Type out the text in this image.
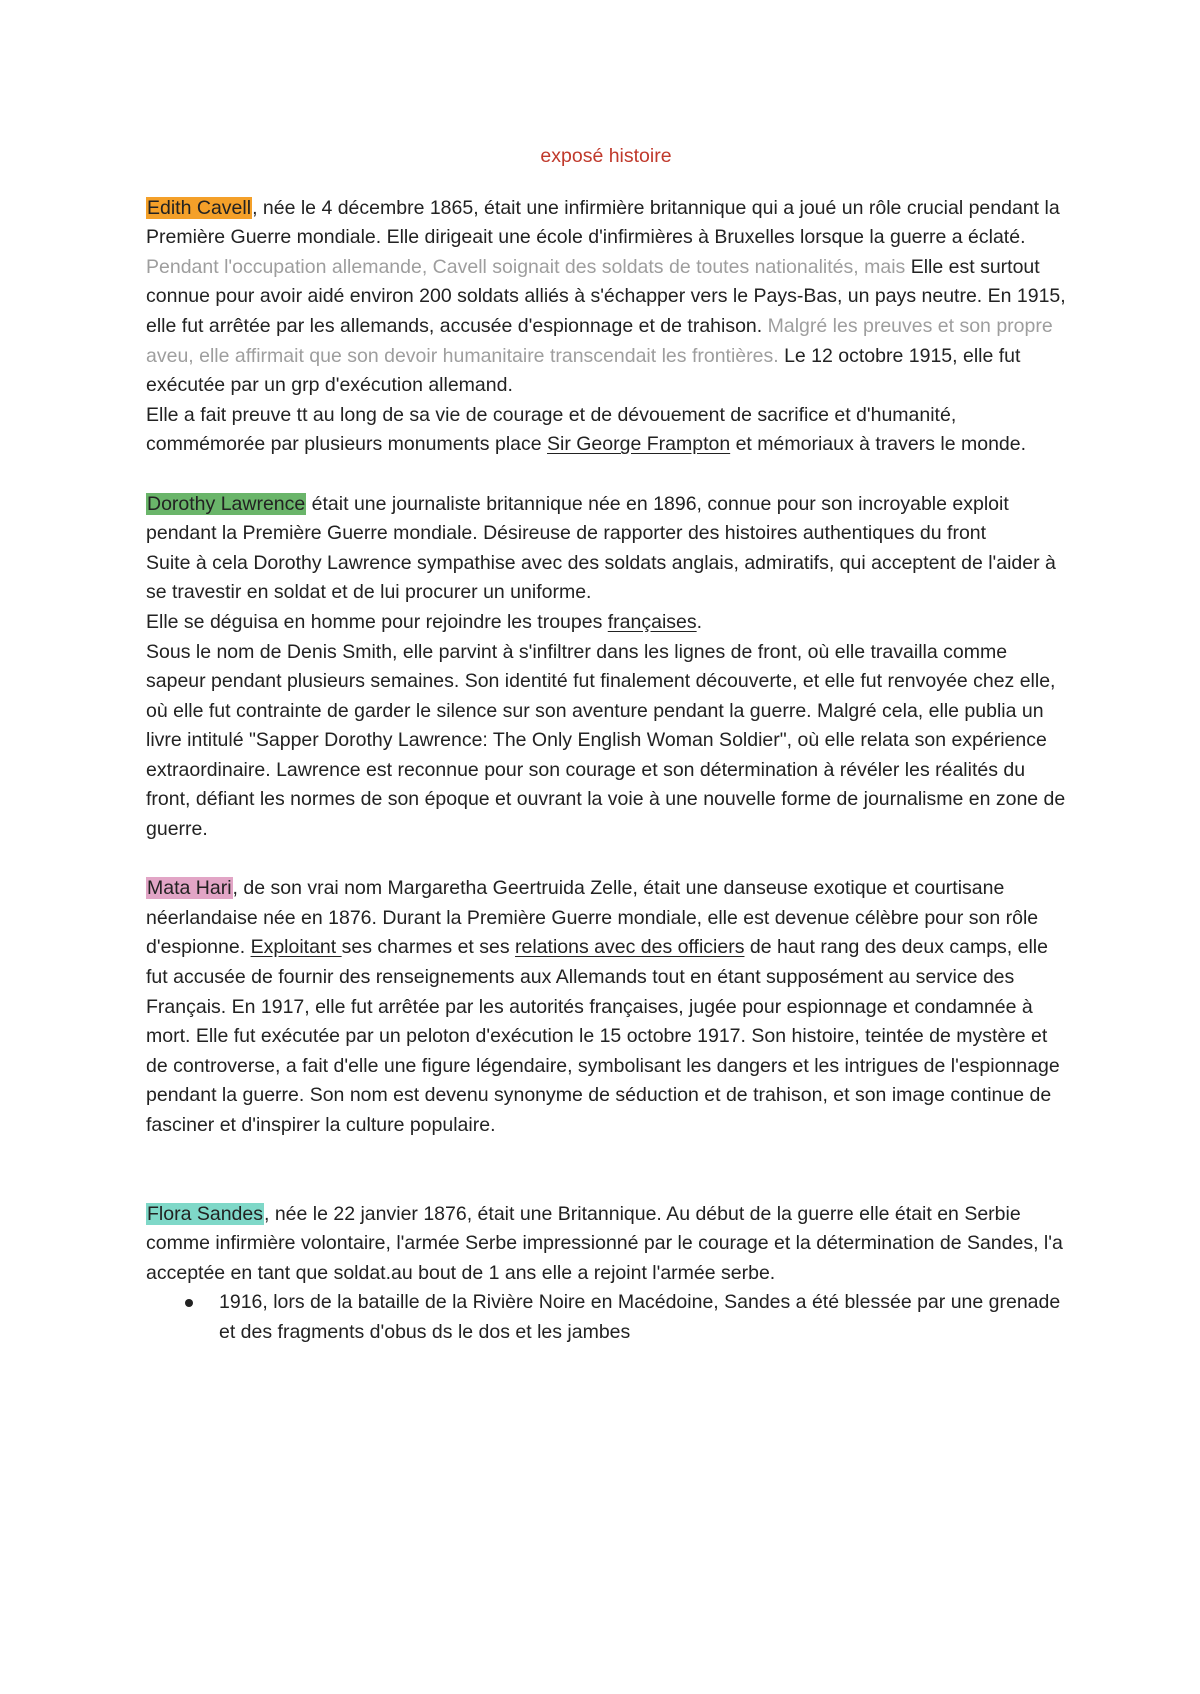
exposé histoire

Edith Cavell, née le 4 décembre 1865, était une infirmière britannique qui a joué un rôle crucial pendant la Première Guerre mondiale. Elle dirigeait une école d'infirmières à Bruxelles lorsque la guerre a éclaté. Pendant l'occupation allemande, Cavell soignait des soldats de toutes nationalités, mais Elle est surtout connue pour avoir aidé environ 200 soldats alliés à s'échapper vers le Pays-Bas, un pays neutre. En 1915, elle fut arrêtée par les allemands, accusée d'espionnage et de trahison. Malgré les preuves et son propre aveu, elle affirmait que son devoir humanitaire transcendait les frontières. Le 12 octobre 1915, elle fut exécutée par un grp d'exécution allemand.

Elle a fait preuve tt au long de sa vie de courage et de dévouement de sacrifice et d'humanité, commémorée par plusieurs monuments place Sir George Frampton et mémoriaux à travers le monde.

Dorothy Lawrence était une journaliste britannique née en 1896, connue pour son incroyable exploit pendant la Première Guerre mondiale. Désireuse de rapporter des histoires authentiques du front

Suite à cela Dorothy Lawrence sympathise avec des soldats anglais, admiratifs, qui acceptent de l'aider à se travestir en soldat et de lui procurer un uniforme.

Elle se déguisa en homme pour rejoindre les troupes françaises.

Sous le nom de Denis Smith, elle parvint à s'infiltrer dans les lignes de front, où elle travailla comme sapeur pendant plusieurs semaines. Son identité fut finalement découverte, et elle fut renvoyée chez elle, où elle fut contrainte de garder le silence sur son aventure pendant la guerre. Malgré cela, elle publia un livre intitulé "Sapper Dorothy Lawrence: The Only English Woman Soldier", où elle relata son expérience extraordinaire. Lawrence est reconnue pour son courage et son détermination à révéler les réalités du front, défiant les normes de son époque et ouvrant la voie à une nouvelle forme de journalisme en zone de guerre.

Mata Hari, de son vrai nom Margaretha Geertruida Zelle, était une danseuse exotique et courtisane néerlandaise née en 1876. Durant la Première Guerre mondiale, elle est devenue célèbre pour son rôle d'espionne. Exploitant ses charmes et ses relations avec des officiers de haut rang des deux camps, elle fut accusée de fournir des renseignements aux Allemands tout en étant supposément au service des Français. En 1917, elle fut arrêtée par les autorités françaises, jugée pour espionnage et condamnée à mort. Elle fut exécutée par un peloton d'exécution le 15 octobre 1917. Son histoire, teintée de mystère et de controverse, a fait d'elle une figure légendaire, symbolisant les dangers et les intrigues de l'espionnage pendant la guerre. Son nom est devenu synonyme de séduction et de trahison, et son image continue de fasciner et d'inspirer la culture populaire.

Flora Sandes, née le 22 janvier 1876, était une Britannique. Au début de la guerre elle était en Serbie comme infirmière volontaire, l'armée Serbe impressionné par le courage et la détermination de Sandes, l'a acceptée en tant que soldat.au bout de 1 ans elle a rejoint l'armée serbe.

1916, lors de la bataille de la Rivière Noire en Macédoine, Sandes a été blessée par une grenade et des fragments d'obus ds le dos et les jambes
